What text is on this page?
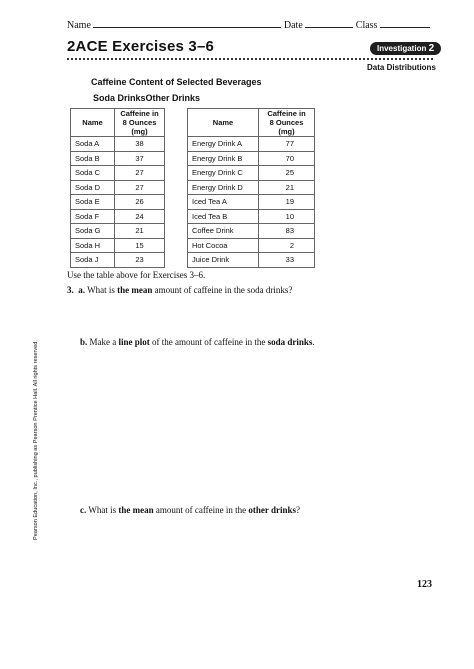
Name	Date	Class
2ACE Exercises 3–6	Investigation 2
Data Distributions
Caffeine Content of Selected Beverages
Soda DrinksOther Drinks
Name	Caffeine in
8 Ounces (mg)
Soda A	38
Soda B	37
Soda C	27
Soda D	27
Soda E	26
Soda F	24
Soda G	21
Soda H	15
Soda J	23
Name	Caffeine in
8 Ounces (mg)
Energy Drink A	77
Energy Drink B	70
Energy Drink C	25
Energy Drink D	21
Iced Tea A	19
Iced Tea B	10
Coffee Drink	83
Hot Cocoa	2
Juice Drink	33
Use the table above for Exercises 3–6.
3. a. What is the mean amount of caffeine in the soda drinks?
b. Make a line plot of the amount of caffeine in the soda drinks.
c. What is the mean amount of caffeine in the other drinks?
Pearson Education, Inc., publishing as Pearson Prentice Hall. All rights reserved.
123
